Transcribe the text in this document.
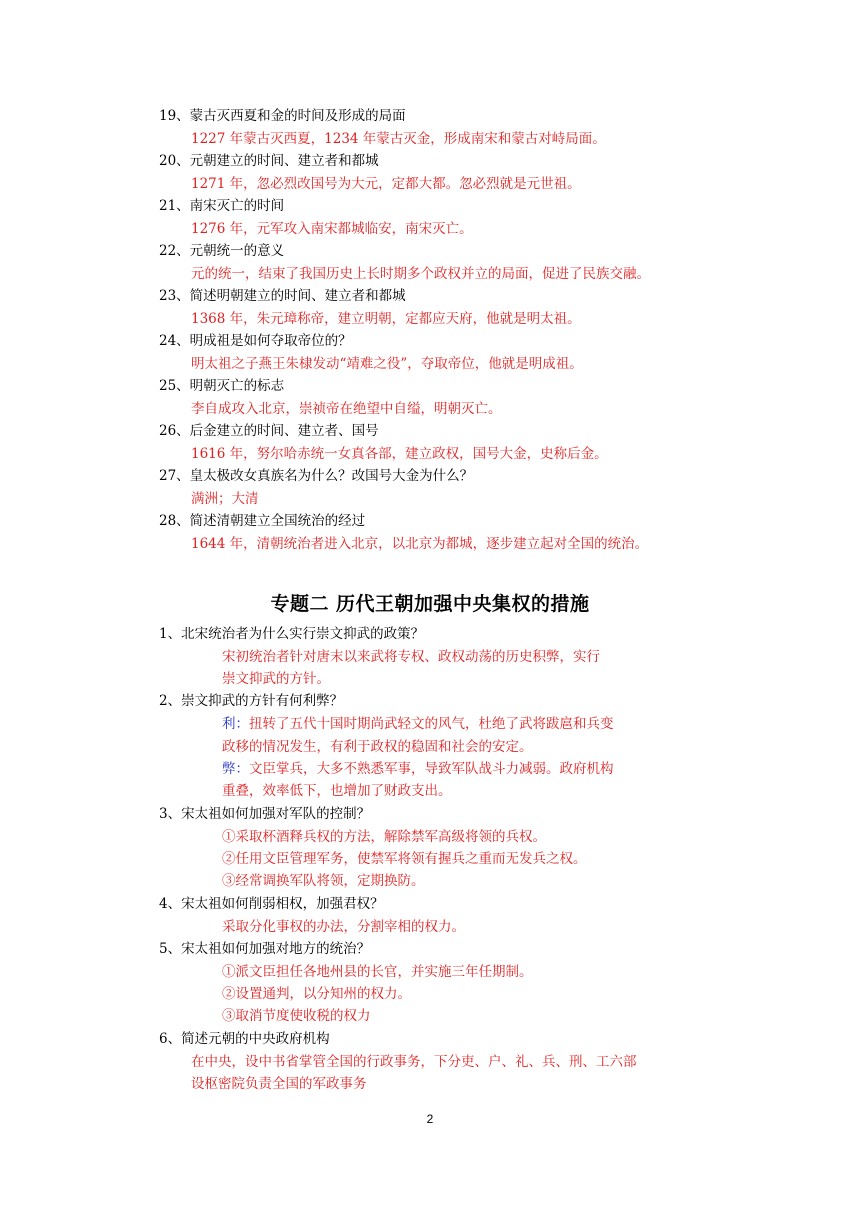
19、蒙古灭西夏和金的时间及形成的局面
1227 年蒙古灭西夏，1234 年蒙古灭金，形成南宋和蒙古对峙局面。
20、元朝建立的时间、建立者和都城
1271 年，忽必烈改国号为大元，定都大都。忽必烈就是元世祖。
21、南宋灭亡的时间
1276 年，元军攻入南宋都城临安，南宋灭亡。
22、元朝统一的意义
元的统一，结束了我国历史上长时期多个政权并立的局面，促进了民族交融。
23、简述明朝建立的时间、建立者和都城
1368 年，朱元璋称帝，建立明朝，定都应天府，他就是明太祖。
24、明成祖是如何夺取帝位的？
明太祖之子燕王朱棣发动“靖难之役”，夺取帝位，他就是明成祖。
25、明朝灭亡的标志
李自成攻入北京，崇祯帝在绝望中自缢，明朝灭亡。
26、后金建立的时间、建立者、国号
1616 年，努尔哈赤统一女真各部，建立政权，国号大金，史称后金。
27、皇太极改女真族名为什么？改国号大金为什么？
满洲；大清
28、简述清朝建立全国统治的经过
1644 年，清朝统治者进入北京，以北京为都城，逐步建立起对全国的统治。
专题二 历代王朝加强中央集权的措施
1、北宋统治者为什么实行崇文抑武的政策？
宋初统治者针对唐末以来武将专权、政权动荡的历史积弊，实行
崇文抑武的方针。
2、崇文抑武的方针有何利弊？
利：扭转了五代十国时期尚武轻文的风气，杜绝了武将跋扈和兵变
政移的情况发生，有利于政权的稳固和社会的安定。
弊：文臣掌兵，大多不熟悉军事，导致军队战斗力减弱。政府机构
重叠，效率低下，也增加了财政支出。
3、宋太祖如何加强对军队的控制？
①采取杯酒释兵权的方法，解除禁军高级将领的兵权。
②任用文臣管理军务，使禁军将领有握兵之重而无发兵之权。
③经常调换军队将领，定期换防。
4、宋太祖如何削弱相权，加强君权？
采取分化事权的办法，分割宰相的权力。
5、宋太祖如何加强对地方的统治？
①派文臣担任各地州县的长官，并实施三年任期制。
②设置通判，以分知州的权力。
③取消节度使收税的权力
6、简述元朝的中央政府机构
在中央，设中书省掌管全国的行政事务，下分吏、户、礼、兵、刑、工六部
设枢密院负责全国的军政事务
2
